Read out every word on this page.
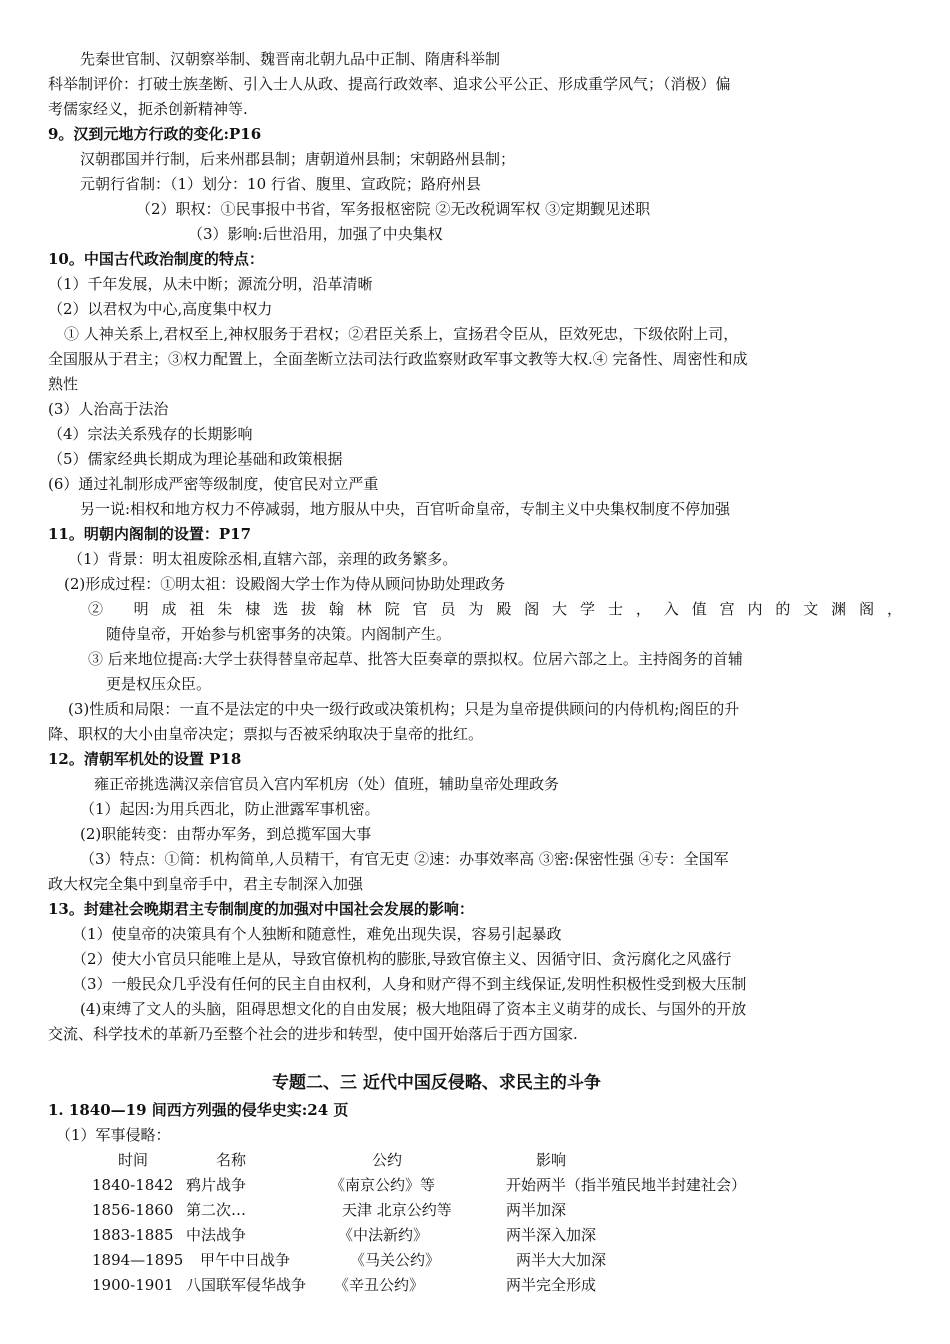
先秦世官制、汉朝察举制、魏晋南北朝九品中正制、隋唐科举制
科举制评价：打破士族垄断、引入士人从政、提高行政效率、追求公平公正、形成重学风气；（消极）偏
考儒家经义，扼杀创新精神等.
9。汉到元地方行政的变化:P16
汉朝郡国并行制，后来州郡县制；唐朝道州县制；宋朝路州县制；
元朝行省制：（1）划分：10 行省、腹里、宣政院；路府州县
（2）职权：①民事报中书省，军务报枢密院 ②无改税调军权 ③定期觐见述职
（3）影响:后世沿用，加强了中央集权
10。中国古代政治制度的特点：
（1）千年发展，从未中断；源流分明，沿革清晰
（2）以君权为中心,高度集中权力
① 人神关系上,君权至上,神权服务于君权；②君臣关系上，宣扬君令臣从，臣效死忠，下级依附上司，
全国服从于君主；③权力配置上，全面垄断立法司法行政监察财政军事文教等大权.④ 完备性、周密性和成
熟性
(3）人治高于法治
（4）宗法关系残存的长期影响
（5）儒家经典长期成为理论基础和政策根据
(6）通过礼制形成严密等级制度，使官民对立严重
另一说:相权和地方权力不停减弱，地方服从中央，百官听命皇帝，专制主义中央集权制度不停加强
11。明朝内阁制的设置：P17
（1）背景：明太祖废除丞相,直辖六部，亲理的政务繁多。
(2)形成过程：①明太祖：设殿阁大学士作为侍从顾问协助处理政务
② 明成祖朱棣选拔翰林院官员为殿阁大学士，入值宫内的文渊阁，
随侍皇帝，开始参与机密事务的决策。内阁制产生。
③ 后来地位提高:大学士获得替皇帝起草、批答大臣奏章的票拟权。位居六部之上。主持阁务的首辅
更是权压众臣。
(3)性质和局限：一直不是法定的中央一级行政或决策机构；只是为皇帝提供顾问的内侍机构;阁臣的升
降、职权的大小由皇帝决定；票拟与否被采纳取决于皇帝的批红。
12。清朝军机处的设置 P18
雍正帝挑选满汉亲信官员入宫内军机房（处）值班，辅助皇帝处理政务
（1）起因:为用兵西北，防止泄露军事机密。
(2)职能转变：由帮办军务，到总揽军国大事
（3）特点：①简：机构简单,人员精干，有官无吏 ②速：办事效率高 ③密:保密性强 ④专：全国军
政大权完全集中到皇帝手中，君主专制深入加强
13。封建社会晚期君主专制制度的加强对中国社会发展的影响：
（1）使皇帝的决策具有个人独断和随意性，难免出现失误，容易引起暴政
（2）使大小官员只能唯上是从，导致官僚机构的膨胀,导致官僚主义、因循守旧、贪污腐化之风盛行
（3）一般民众几乎没有任何的民主自由权利，人身和财产得不到主线保证,发明性积极性受到极大压制
(4)束缚了文人的头脑，阻碍思想文化的自由发展；极大地阻碍了资本主义萌芽的成长、与国外的开放
交流、科学技术的革新乃至整个社会的进步和转型，使中国开始落后于西方国家.
专题二、三 近代中国反侵略、求民主的斗争
1. 1840—19 间西方列强的侵华史实:24 页
（1）军事侵略：
时间	名称	公约	影响
1840-1842 鸦片战争	《南京公约》等	开始两半（指半殖民地半封建社会）
1856-1860 第二次…	天津 北京公约等	两半加深
1883-1885 中法战争	《中法新约》	两半深入加深
1894—1895 甲午中日战争	《马关公约》	两半大大加深
1900-1901 八国联军侵华战争 《辛丑公约》	两半完全形成
